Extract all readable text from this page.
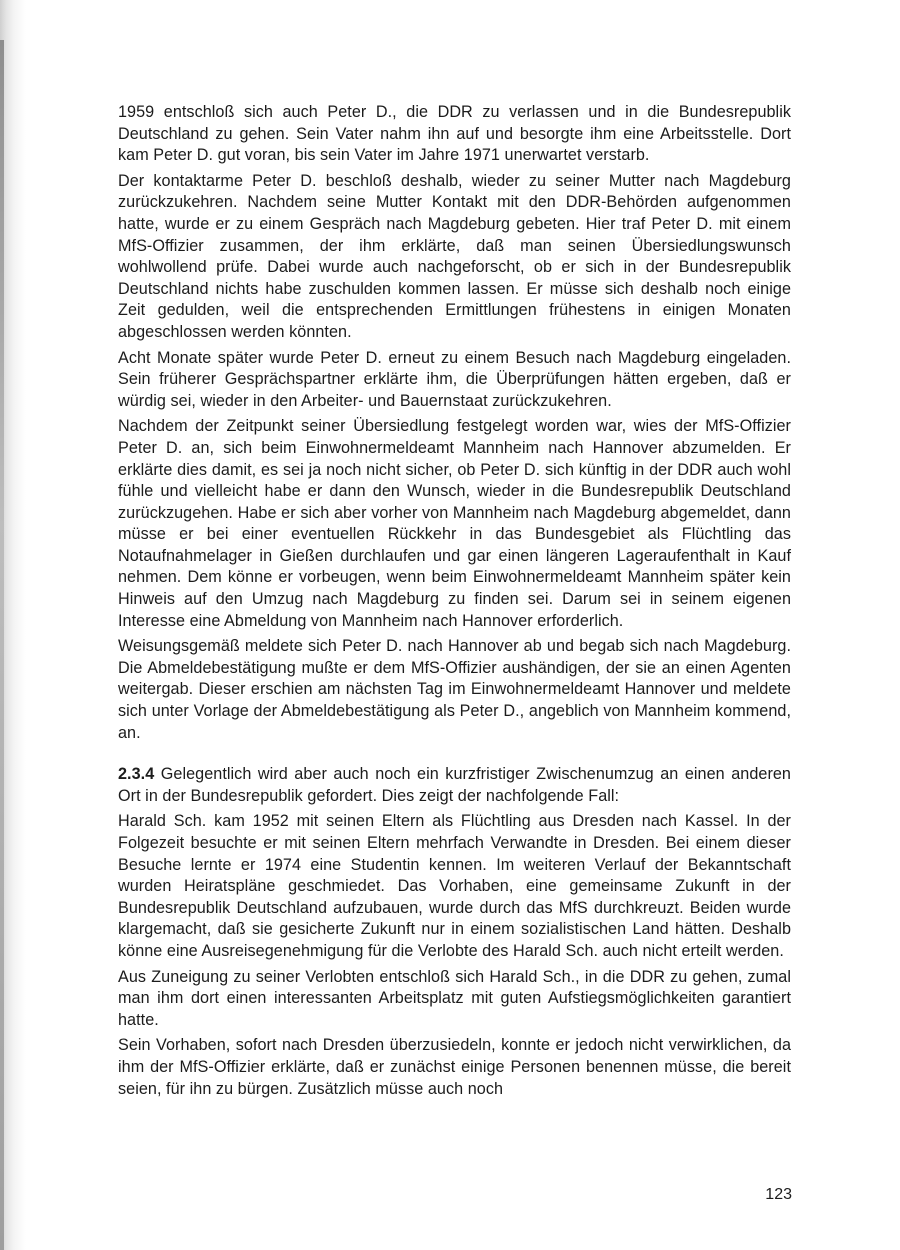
1959 entschloß sich auch Peter D., die DDR zu verlassen und in die Bundesrepublik Deutschland zu gehen. Sein Vater nahm ihn auf und besorgte ihm eine Arbeitsstelle. Dort kam Peter D. gut voran, bis sein Vater im Jahre 1971 unerwartet verstarb.

Der kontaktarme Peter D. beschloß deshalb, wieder zu seiner Mutter nach Magdeburg zurückzukehren. Nachdem seine Mutter Kontakt mit den DDR-Behörden aufgenommen hatte, wurde er zu einem Gespräch nach Magdeburg gebeten. Hier traf Peter D. mit einem MfS-Offizier zusammen, der ihm erklärte, daß man seinen Übersiedlungswunsch wohlwollend prüfe. Dabei wurde auch nachgeforscht, ob er sich in der Bundesrepublik Deutschland nichts habe zuschulden kommen lassen. Er müsse sich deshalb noch einige Zeit gedulden, weil die entsprechenden Ermittlungen frühestens in einigen Monaten abgeschlossen werden könnten.

Acht Monate später wurde Peter D. erneut zu einem Besuch nach Magdeburg eingeladen. Sein früherer Gesprächspartner erklärte ihm, die Überprüfungen hätten ergeben, daß er würdig sei, wieder in den Arbeiter- und Bauernstaat zurückzukehren.

Nachdem der Zeitpunkt seiner Übersiedlung festgelegt worden war, wies der MfS-Offizier Peter D. an, sich beim Einwohnermeldeamt Mannheim nach Hannover abzumelden. Er erklärte dies damit, es sei ja noch nicht sicher, ob Peter D. sich künftig in der DDR auch wohl fühle und vielleicht habe er dann den Wunsch, wieder in die Bundesrepublik Deutschland zurückzugehen. Habe er sich aber vorher von Mannheim nach Magdeburg abgemeldet, dann müsse er bei einer eventuellen Rückkehr in das Bundesgebiet als Flüchtling das Notaufnahmelager in Gießen durchlaufen und gar einen längeren Lageraufenthalt in Kauf nehmen. Dem könne er vorbeugen, wenn beim Einwohnermeldeamt Mannheim später kein Hinweis auf den Umzug nach Magdeburg zu finden sei. Darum sei in seinem eigenen Interesse eine Abmeldung von Mannheim nach Hannover erforderlich.

Weisungsgemäß meldete sich Peter D. nach Hannover ab und begab sich nach Magdeburg. Die Abmeldebestätigung mußte er dem MfS-Offizier aushändigen, der sie an einen Agenten weitergab. Dieser erschien am nächsten Tag im Einwohnermeldeamt Hannover und meldete sich unter Vorlage der Abmeldebestätigung als Peter D., angeblich von Mannheim kommend, an.

2.3.4 Gelegentlich wird aber auch noch ein kurzfristiger Zwischenumzug an einen anderen Ort in der Bundesrepublik gefordert. Dies zeigt der nachfolgende Fall:

Harald Sch. kam 1952 mit seinen Eltern als Flüchtling aus Dresden nach Kassel. In der Folgezeit besuchte er mit seinen Eltern mehrfach Verwandte in Dresden. Bei einem dieser Besuche lernte er 1974 eine Studentin kennen. Im weiteren Verlauf der Bekanntschaft wurden Heiratspläne geschmiedet. Das Vorhaben, eine gemeinsame Zukunft in der Bundesrepublik Deutschland aufzubauen, wurde durch das MfS durchkreuzt. Beiden wurde klargemacht, daß sie gesicherte Zukunft nur in einem sozialistischen Land hätten. Deshalb könne eine Ausreisegenehmigung für die Verlobte des Harald Sch. auch nicht erteilt werden.

Aus Zuneigung zu seiner Verlobten entschloß sich Harald Sch., in die DDR zu gehen, zumal man ihm dort einen interessanten Arbeitsplatz mit guten Aufstiegsmöglichkeiten garantiert hatte.

Sein Vorhaben, sofort nach Dresden überzusiedeln, konnte er jedoch nicht verwirklichen, da ihm der MfS-Offizier erklärte, daß er zunächst einige Personen benennen müsse, die bereit seien, für ihn zu bürgen. Zusätzlich müsse auch noch

123
